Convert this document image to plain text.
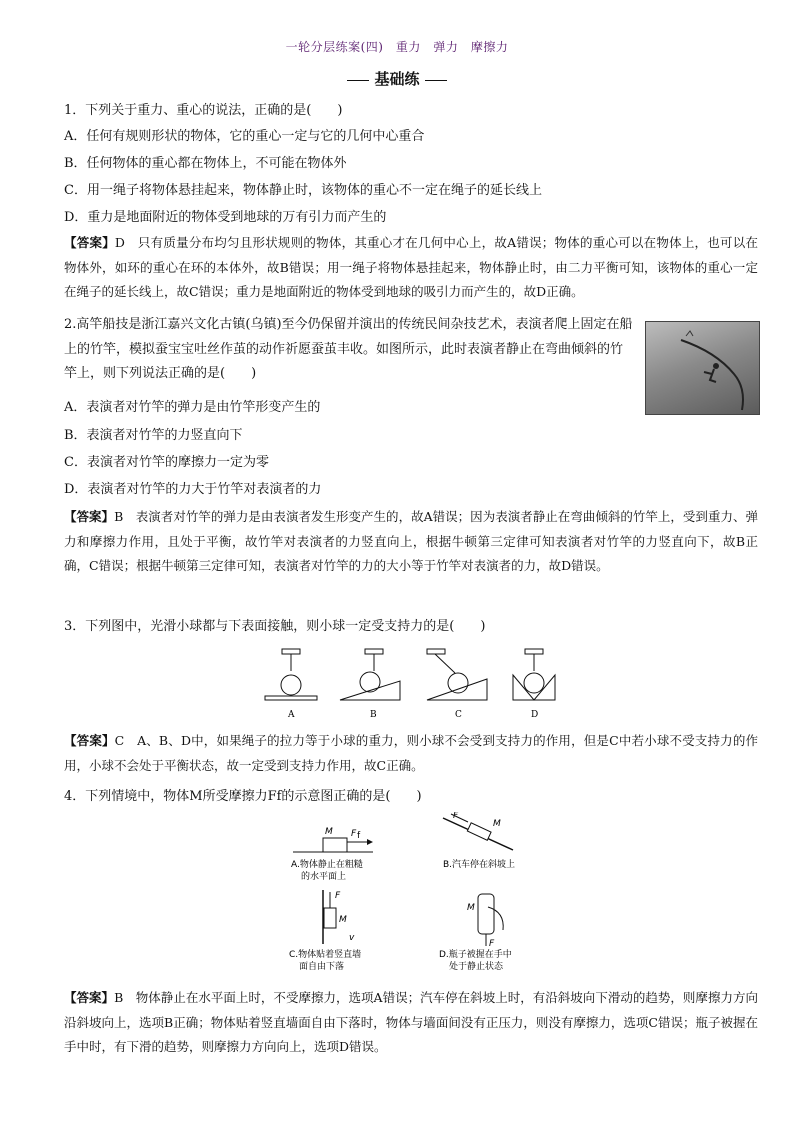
一轮分层练案(四)　重力　弹力　摩擦力
基础练
1．下列关于重力、重心的说法，正确的是(　　)
A．任何有规则形状的物体，它的重心一定与它的几何中心重合
B．任何物体的重心都在物体上，不可能在物体外
C．用一绳子将物体悬挂起来，物体静止时，该物体的重心不一定在绳子的延长线上
D．重力是地面附近的物体受到地球的万有引力而产生的
【答案】D　只有质量分布均匀且形状规则的物体，其重心才在几何中心上，故A错误；物体的重心可以在物体上，也可以在物体外，如环的重心在环的本体外，故B错误；用一绳子将物体悬挂起来，物体静止时，由二力平衡可知，该物体的重心一定在绳子的延长线上，故C错误；重力是地面附近的物体受到地球的吸引力而产生的，故D正确。
2.高竿船技是浙江嘉兴文化古镇(乌镇)至今仍保留并演出的传统民间杂技艺术，表演者爬上固定在船上的竹竿，模拟蚕宝宝吐丝作茧的动作祈愿蚕茧丰收。如图所示，此时表演者静止在弯曲倾斜的竹竿上，则下列说法正确的是(　　)
A．表演者对竹竿的弹力是由竹竿形变产生的
B．表演者对竹竿的力竖直向下
C．表演者对竹竿的摩擦力一定为零
D．表演者对竹竿的力大于竹竿对表演者的力
【答案】B　表演者对竹竿的弹力是由表演者发生形变产生的，故A错误；因为表演者静止在弯曲倾斜的竹竿上，受到重力、弹力和摩擦力作用，且处于平衡，故竹竿对表演者的力竖直向上，根据牛顿第三定律可知表演者对竹竿的力竖直向下，故B正确，C错误；根据牛顿第三定律可知，表演者对竹竿的力的大小等于竹竿对表演者的力，故D错误。
3．下列图中，光滑小球都与下表面接触，则小球一定受支持力的是(　　)
A	B	C	D
【答案】C　A、B、D中，如果绳子的拉力等于小球的重力，则小球不会受到支持力的作用，但是C中若小球不受支持力的作用，小球不会处于平衡状态，故一定受到支持力作用，故C正确。
4．下列情境中，物体M所受摩擦力Ff的示意图正确的是(　　)
M F f
A.物体静止在粗糙
的水平面上
F
M
B.汽车停在斜坡上
F
M
v
C.物体贴着竖直墙
面自由下落
M
F
D.瓶子被握在手中
处于静止状态
【答案】B　物体静止在水平面上时，不受摩擦力，选项A错误；汽车停在斜坡上时，有沿斜坡向下滑动的趋势，则摩擦力方向沿斜坡向上，选项B正确；物体贴着竖直墙面自由下落时，物体与墙面间没有正压力，则没有摩擦力，选项C错误；瓶子被握在手中时，有下滑的趋势，则摩擦力方向向上，选项D错误。
